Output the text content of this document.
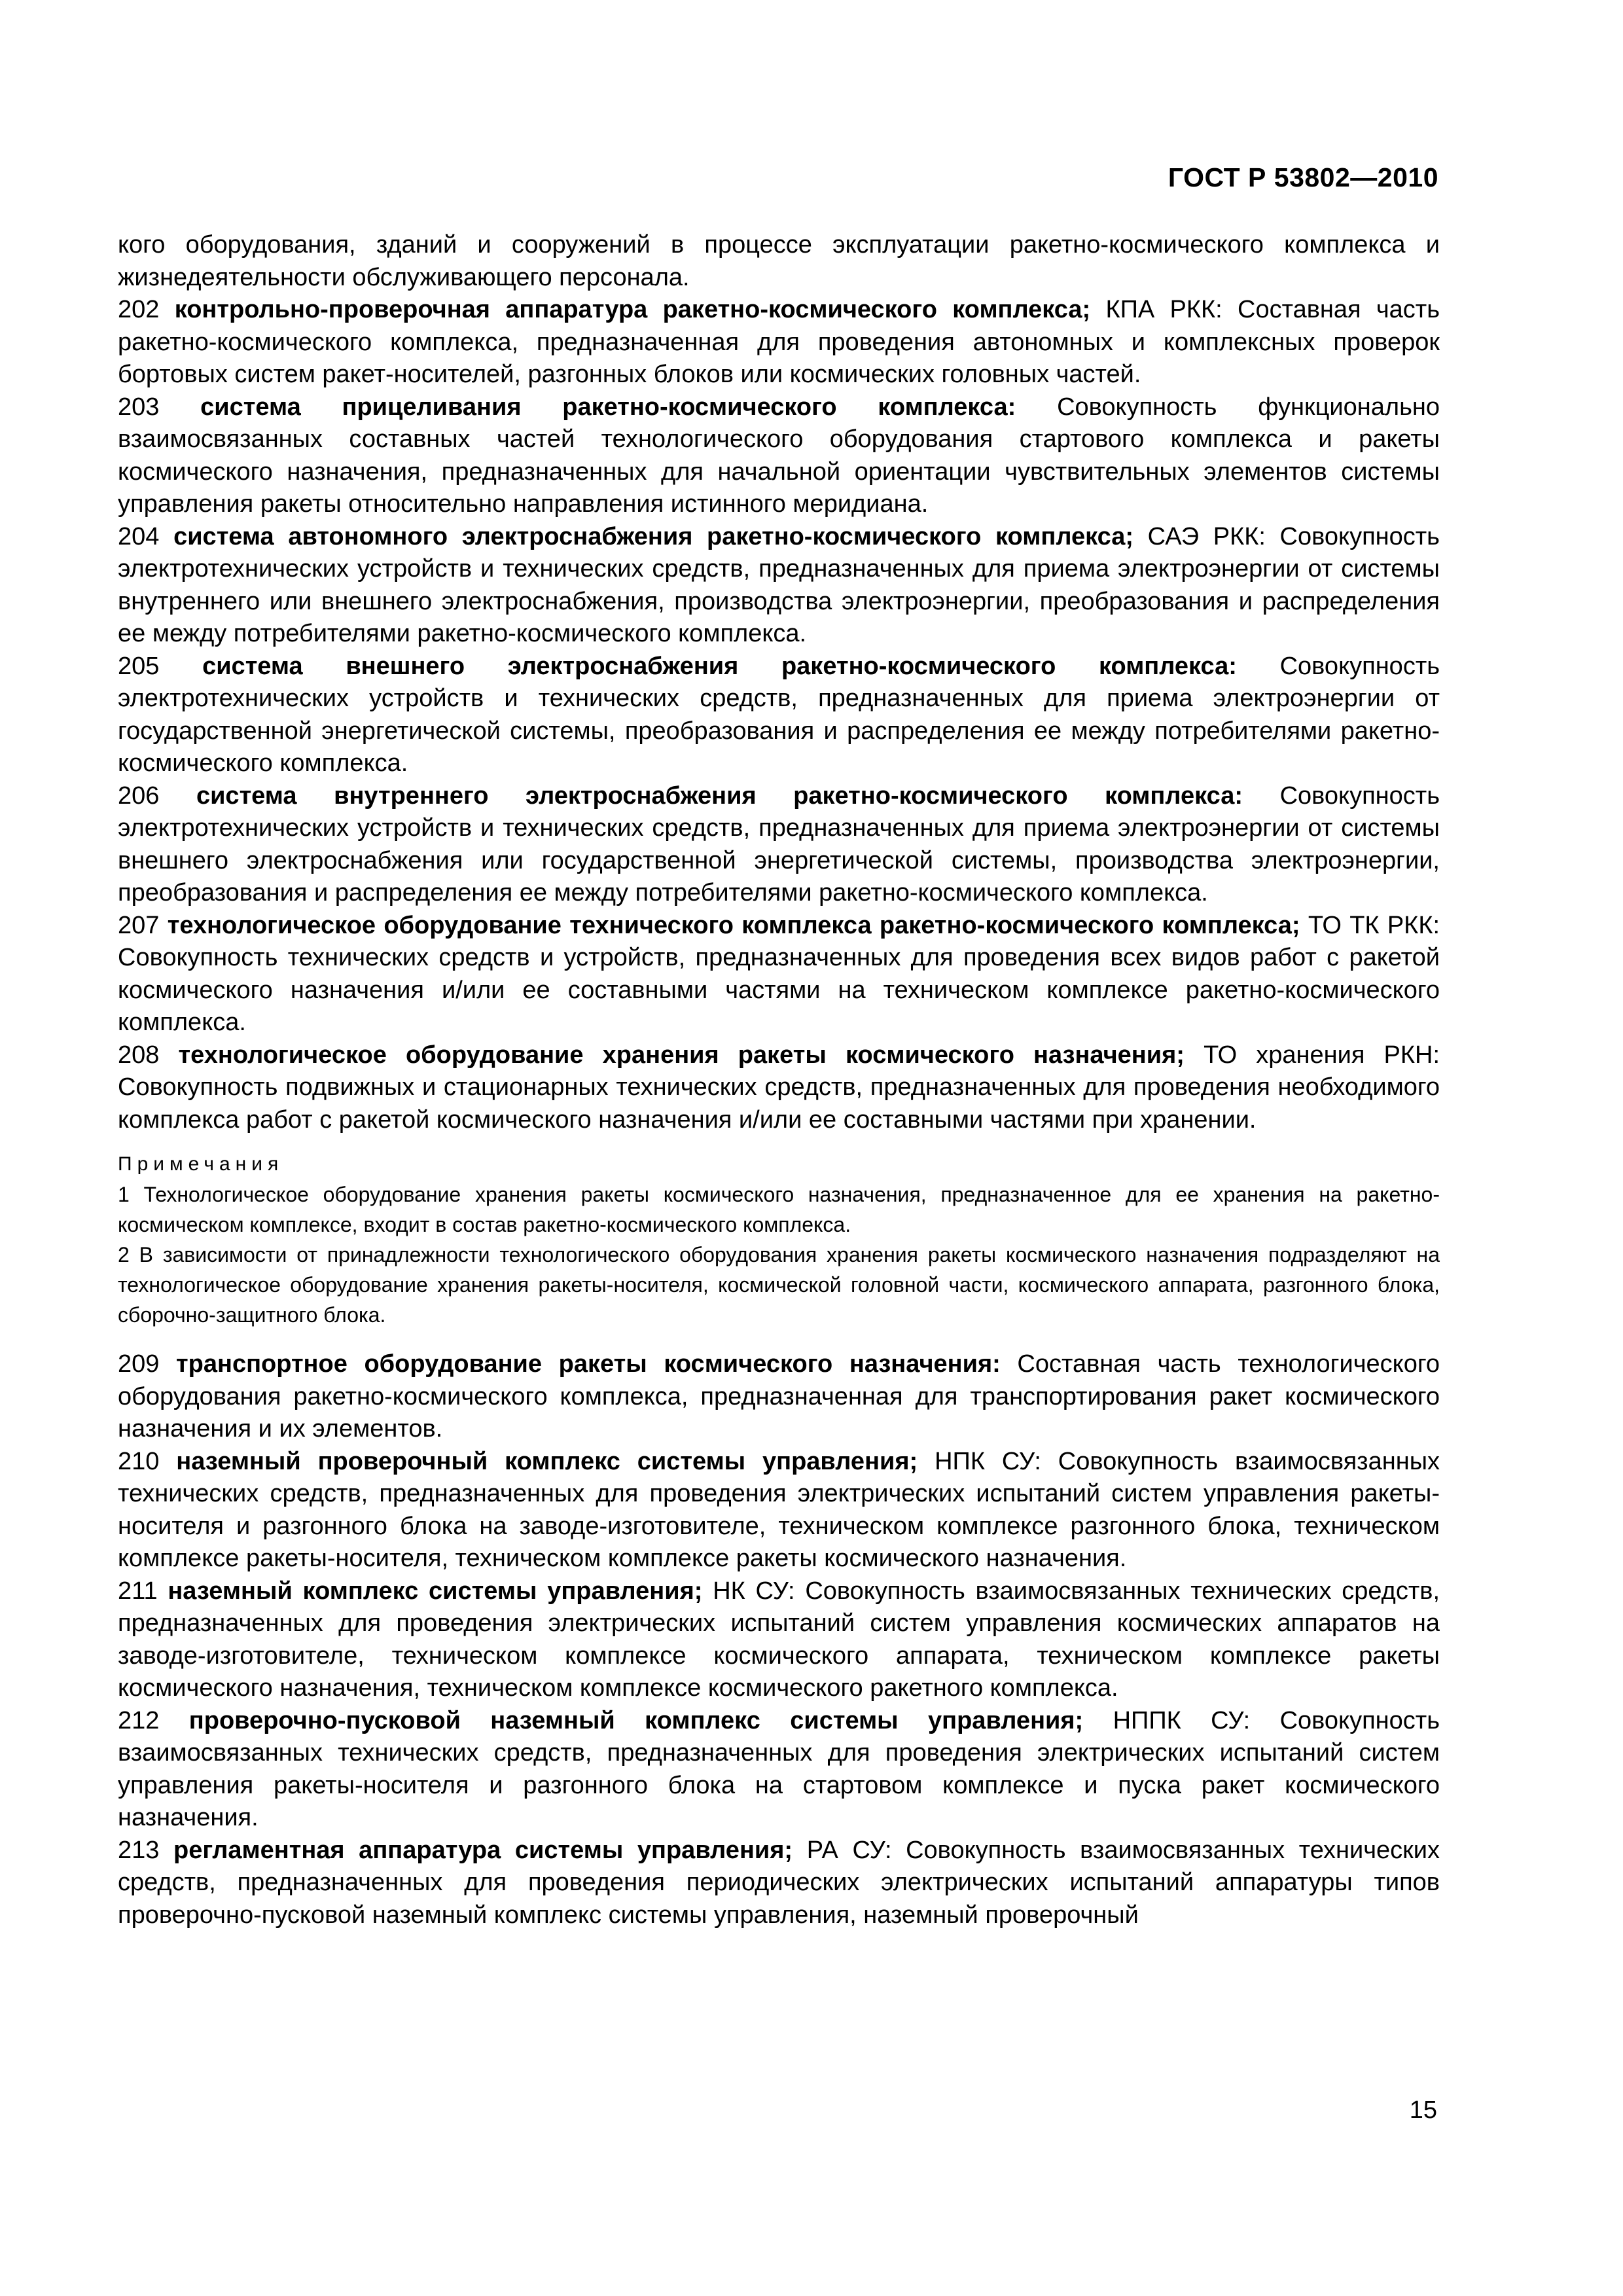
ГОСТ Р 53802—2010

кого оборудования, зданий и сооружений в процессе эксплуатации ракетно-космического комплекса и жизнедеятельности обслуживающего персонала.

202 контрольно-проверочная аппаратура ракетно-космического комплекса; КПА РКК: Составная часть ракетно-космического комплекса, предназначенная для проведения автономных и комплексных проверок бортовых систем ракет-носителей, разгонных блоков или космических головных частей.

203 система прицеливания ракетно-космического комплекса: Совокупность функционально взаимосвязанных составных частей технологического оборудования стартового комплекса и ракеты космического назначения, предназначенных для начальной ориентации чувствительных элементов системы управления ракеты относительно направления истинного меридиана.

204 система автономного электроснабжения ракетно-космического комплекса; САЭ РКК: Совокупность электротехнических устройств и технических средств, предназначенных для приема электроэнергии от системы внутреннего или внешнего электроснабжения, производства электроэнергии, преобразования и распределения ее между потребителями ракетно-космического комплекса.

205 система внешнего электроснабжения ракетно-космического комплекса: Совокупность электротехнических устройств и технических средств, предназначенных для приема электроэнергии от государственной энергетической системы, преобразования и распределения ее между потребителями ракетно-космического комплекса.

206 система внутреннего электроснабжения ракетно-космического комплекса: Совокупность электротехнических устройств и технических средств, предназначенных для приема электроэнергии от системы внешнего электроснабжения или государственной энергетической системы, производства электроэнергии, преобразования и распределения ее между потребителями ракетно-космического комплекса.

207 технологическое оборудование технического комплекса ракетно-космического комплекса; ТО ТК РКК: Совокупность технических средств и устройств, предназначенных для проведения всех видов работ с ракетой космического назначения и/или ее составными частями на техническом комплексе ракетно-космического комплекса.

208 технологическое оборудование хранения ракеты космического назначения; ТО хранения РКН: Совокупность подвижных и стационарных технических средств, предназначенных для проведения необходимого комплекса работ с ракетой космического назначения и/или ее составными частями при хранении.

Примечания

1 Технологическое оборудование хранения ракеты космического назначения, предназначенное для ее хранения на ракетно-космическом комплексе, входит в состав ракетно-космического комплекса.

2 В зависимости от принадлежности технологического оборудования хранения ракеты космического назначения подразделяют на технологическое оборудование хранения ракеты-носителя, космической головной части, космического аппарата, разгонного блока, сборочно-защитного блока.

209 транспортное оборудование ракеты космического назначения: Составная часть технологического оборудования ракетно-космического комплекса, предназначенная для транспортирования ракет космического назначения и их элементов.

210 наземный проверочный комплекс системы управления; НПК СУ: Совокупность взаимосвязанных технических средств, предназначенных для проведения электрических испытаний систем управления ракеты-носителя и разгонного блока на заводе-изготовителе, техническом комплексе разгонного блока, техническом комплексе ракеты-носителя, техническом комплексе ракеты космического назначения.

211 наземный комплекс системы управления; НК СУ: Совокупность взаимосвязанных технических средств, предназначенных для проведения электрических испытаний систем управления космических аппаратов на заводе-изготовителе, техническом комплексе космического аппарата, техническом комплексе ракеты космического назначения, техническом комплексе космического ракетного комплекса.

212 проверочно-пусковой наземный комплекс системы управления; НППК СУ: Совокупность взаимосвязанных технических средств, предназначенных для проведения электрических испытаний систем управления ракеты-носителя и разгонного блока на стартовом комплексе и пуска ракет космического назначения.

213 регламентная аппаратура системы управления; РА СУ: Совокупность взаимосвязанных технических средств, предназначенных для проведения периодических электрических испытаний аппаратуры типов проверочно-пусковой наземный комплекс системы управления, наземный проверочный

15
